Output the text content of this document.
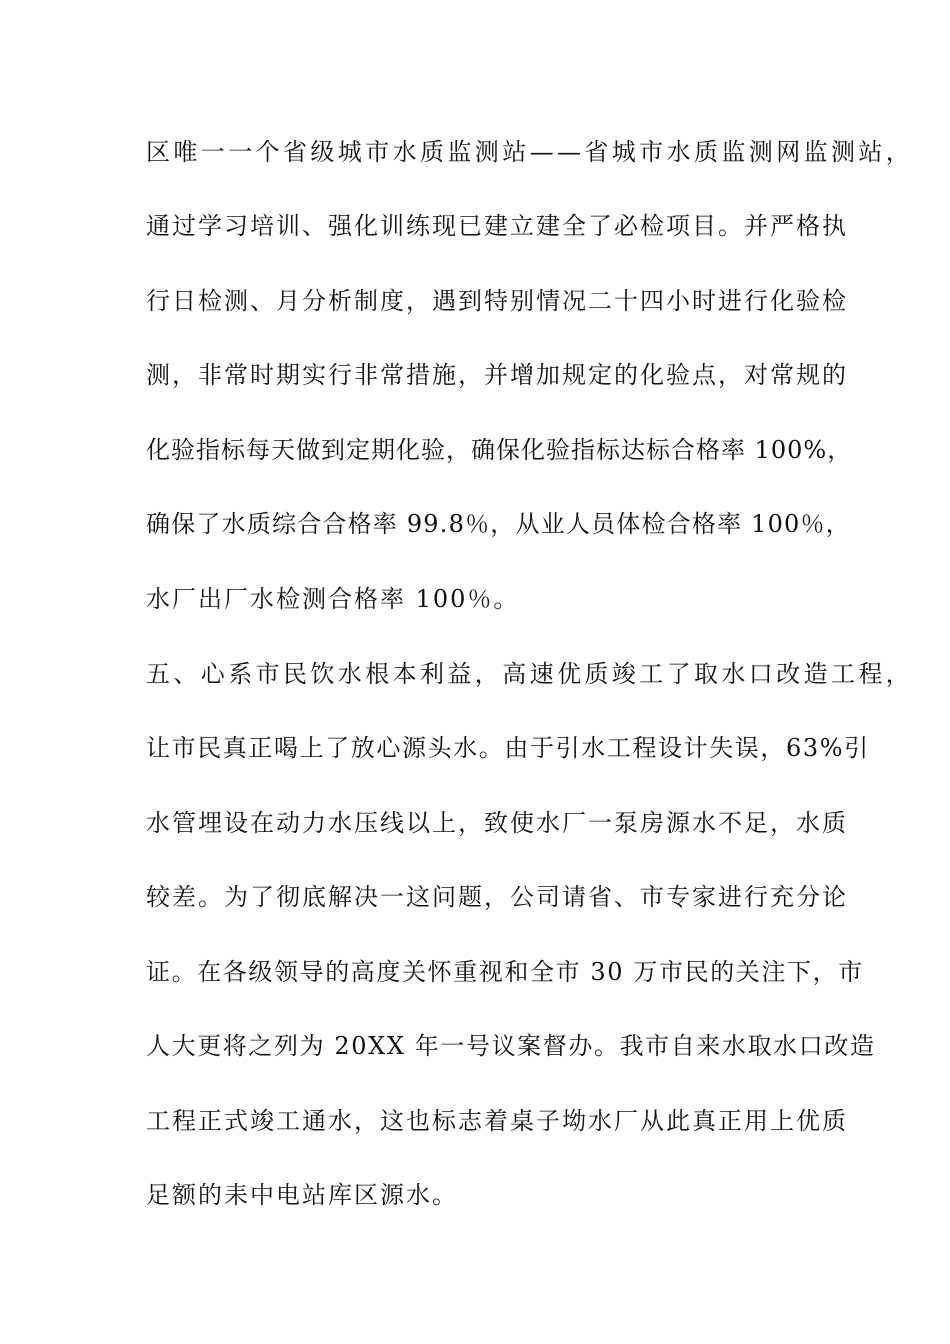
区唯一一个省级城市水质监测站——省城市水质监测网监测站，
通过学习培训、强化训练现已建立建全了必检项目。并严格执
行日检测、月分析制度，遇到特别情况二十四小时进行化验检
测，非常时期实行非常措施，并增加规定的化验点，对常规的
化验指标每天做到定期化验，确保化验指标达标合格率 100%，
确保了水质综合合格率 99.8％，从业人员体检合格率 100％，
水厂出厂水检测合格率 100％。
五、心系市民饮水根本利益，高速优质竣工了取水口改造工程，
让市民真正喝上了放心源头水。由于引水工程设计失误，63%引
水管埋设在动力水压线以上，致使水厂一泵房源水不足，水质
较差。为了彻底解决一这问题，公司请省、市专家进行充分论
证。在各级领导的高度关怀重视和全市 30 万市民的关注下，市
人大更将之列为 20XX 年一号议案督办。我市自来水取水口改造
工程正式竣工通水，这也标志着桌子坳水厂从此真正用上优质
足额的耒中电站库区源水。
